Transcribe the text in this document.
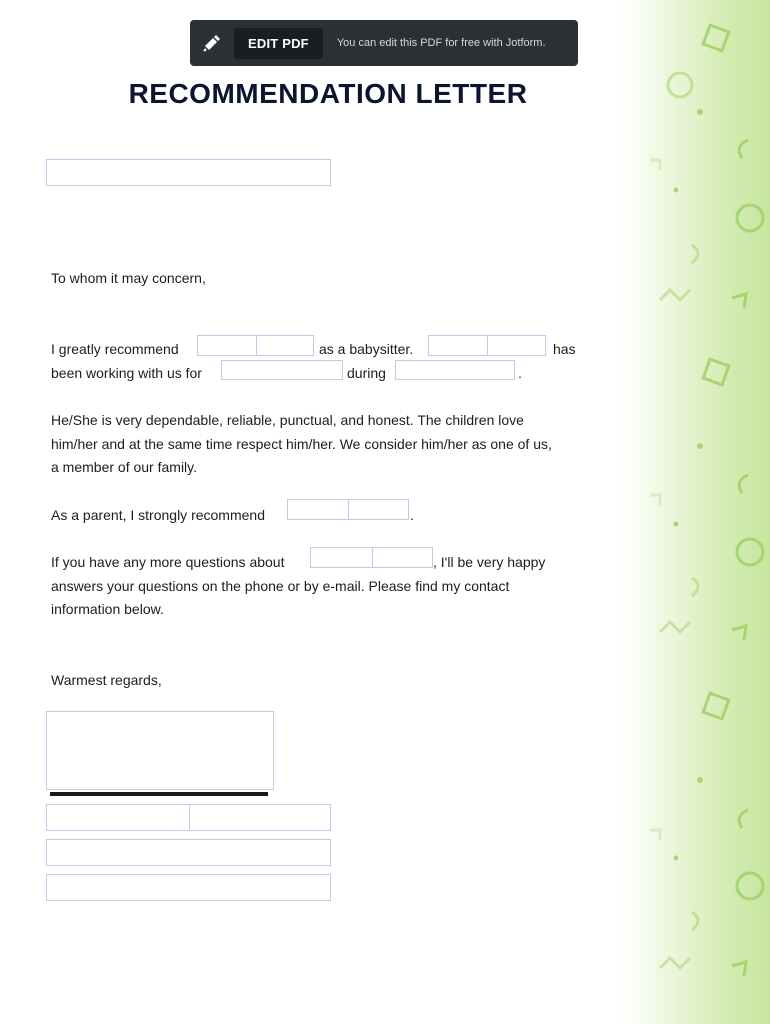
EDIT PDF	You can edit this PDF for free with Jotform.
RECOMMENDATION LETTER
To whom it may concern,
I greatly recommend	as a babysitter.	has
been working with us for	during	.
He/She is very dependable, reliable, punctual, and honest. The children love
him/her and at the same time respect him/her. We consider him/her as one of us,
a member of our family.
As a parent, I strongly recommend	.
If you have any more questions about	, I'll be very happy
answers your questions on the phone or by e-mail. Please find my contact
information below.
Warmest regards,
